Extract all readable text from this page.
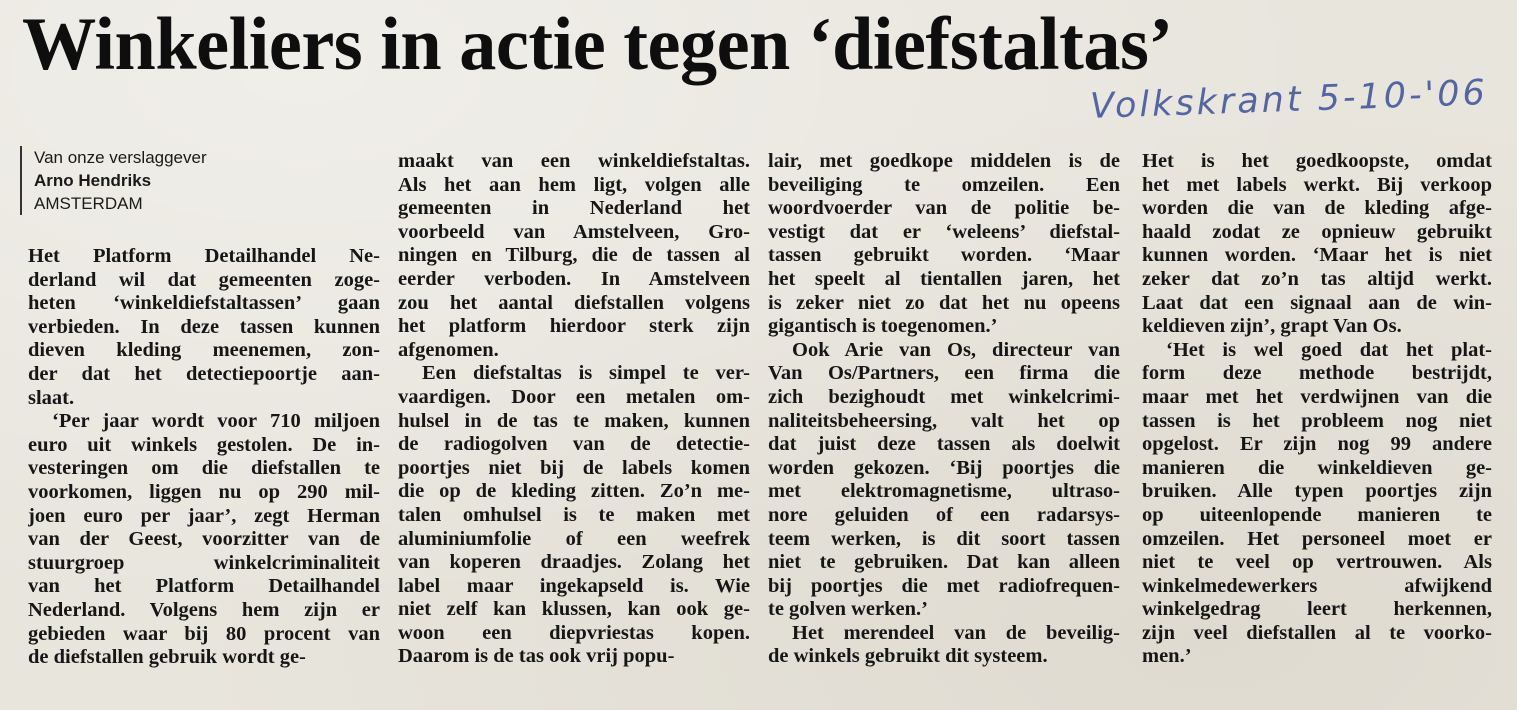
Winkeliers in actie tegen ‘diefstaltas’
Volkskrant 5-10-'06
Van onze verslaggever
Arno Hendriks
AMSTERDAM

Het Platform Detailhandel Ne-

derland wil dat gemeenten zoge-

heten ‘winkeldiefstaltassen’ gaan

verbieden. In deze tassen kunnen

dieven kleding meenemen, zon-

der dat het detectiepoortje aan-

slaat.

‘Per jaar wordt voor 710 miljoen

euro uit winkels gestolen. De in-

vesteringen om die diefstallen te

voorkomen, liggen nu op 290 mil-

joen euro per jaar’, zegt Herman

van der Geest, voorzitter van de

stuurgroep winkelcriminaliteit

van het Platform Detailhandel

Nederland. Volgens hem zijn er

gebieden waar bij 80 procent van

de diefstallen gebruik wordt ge-

maakt van een winkeldiefstaltas.

Als het aan hem ligt, volgen alle

gemeenten in Nederland het

voorbeeld van Amstelveen, Gro-

ningen en Tilburg, die de tassen al

eerder verboden. In Amstelveen

zou het aantal diefstallen volgens

het platform hierdoor sterk zijn

afgenomen.

Een diefstaltas is simpel te ver-

vaardigen. Door een metalen om-

hulsel in de tas te maken, kunnen

de radiogolven van de detectie-

poortjes niet bij de labels komen

die op de kleding zitten. Zo’n me-

talen omhulsel is te maken met

aluminiumfolie of een weefrek

van koperen draadjes. Zolang het

label maar ingekapseld is. Wie

niet zelf kan klussen, kan ook ge-

woon een diepvriestas kopen.

Daarom is de tas ook vrij popu-

lair, met goedkope middelen is de

beveiliging te omzeilen. Een

woordvoerder van de politie be-

vestigt dat er ‘weleens’ diefstal-

tassen gebruikt worden. ‘Maar

het speelt al tientallen jaren, het

is zeker niet zo dat het nu opeens

gigantisch is toegenomen.’

Ook Arie van Os, directeur van

Van Os/Partners, een firma die

zich bezighoudt met winkelcrimi-

naliteitsbeheersing, valt het op

dat juist deze tassen als doelwit

worden gekozen. ‘Bij poortjes die

met elektromagnetisme, ultraso-

nore geluiden of een radarsys-

teem werken, is dit soort tassen

niet te gebruiken. Dat kan alleen

bij poortjes die met radiofrequen-

te golven werken.’

Het merendeel van de beveilig-

de winkels gebruikt dit systeem.

Het is het goedkoopste, omdat

het met labels werkt. Bij verkoop

worden die van de kleding afge-

haald zodat ze opnieuw gebruikt

kunnen worden. ‘Maar het is niet

zeker dat zo’n tas altijd werkt.

Laat dat een signaal aan de win-

keldieven zijn’, grapt Van Os.

‘Het is wel goed dat het plat-

form deze methode bestrijdt,

maar met het verdwijnen van die

tassen is het probleem nog niet

opgelost. Er zijn nog 99 andere

manieren die winkeldieven ge-

bruiken. Alle typen poortjes zijn

op uiteenlopende manieren te

omzeilen. Het personeel moet er

niet te veel op vertrouwen. Als

winkelmedewerkers afwijkend

winkelgedrag leert herkennen,

zijn veel diefstallen al te voorko-

men.’
